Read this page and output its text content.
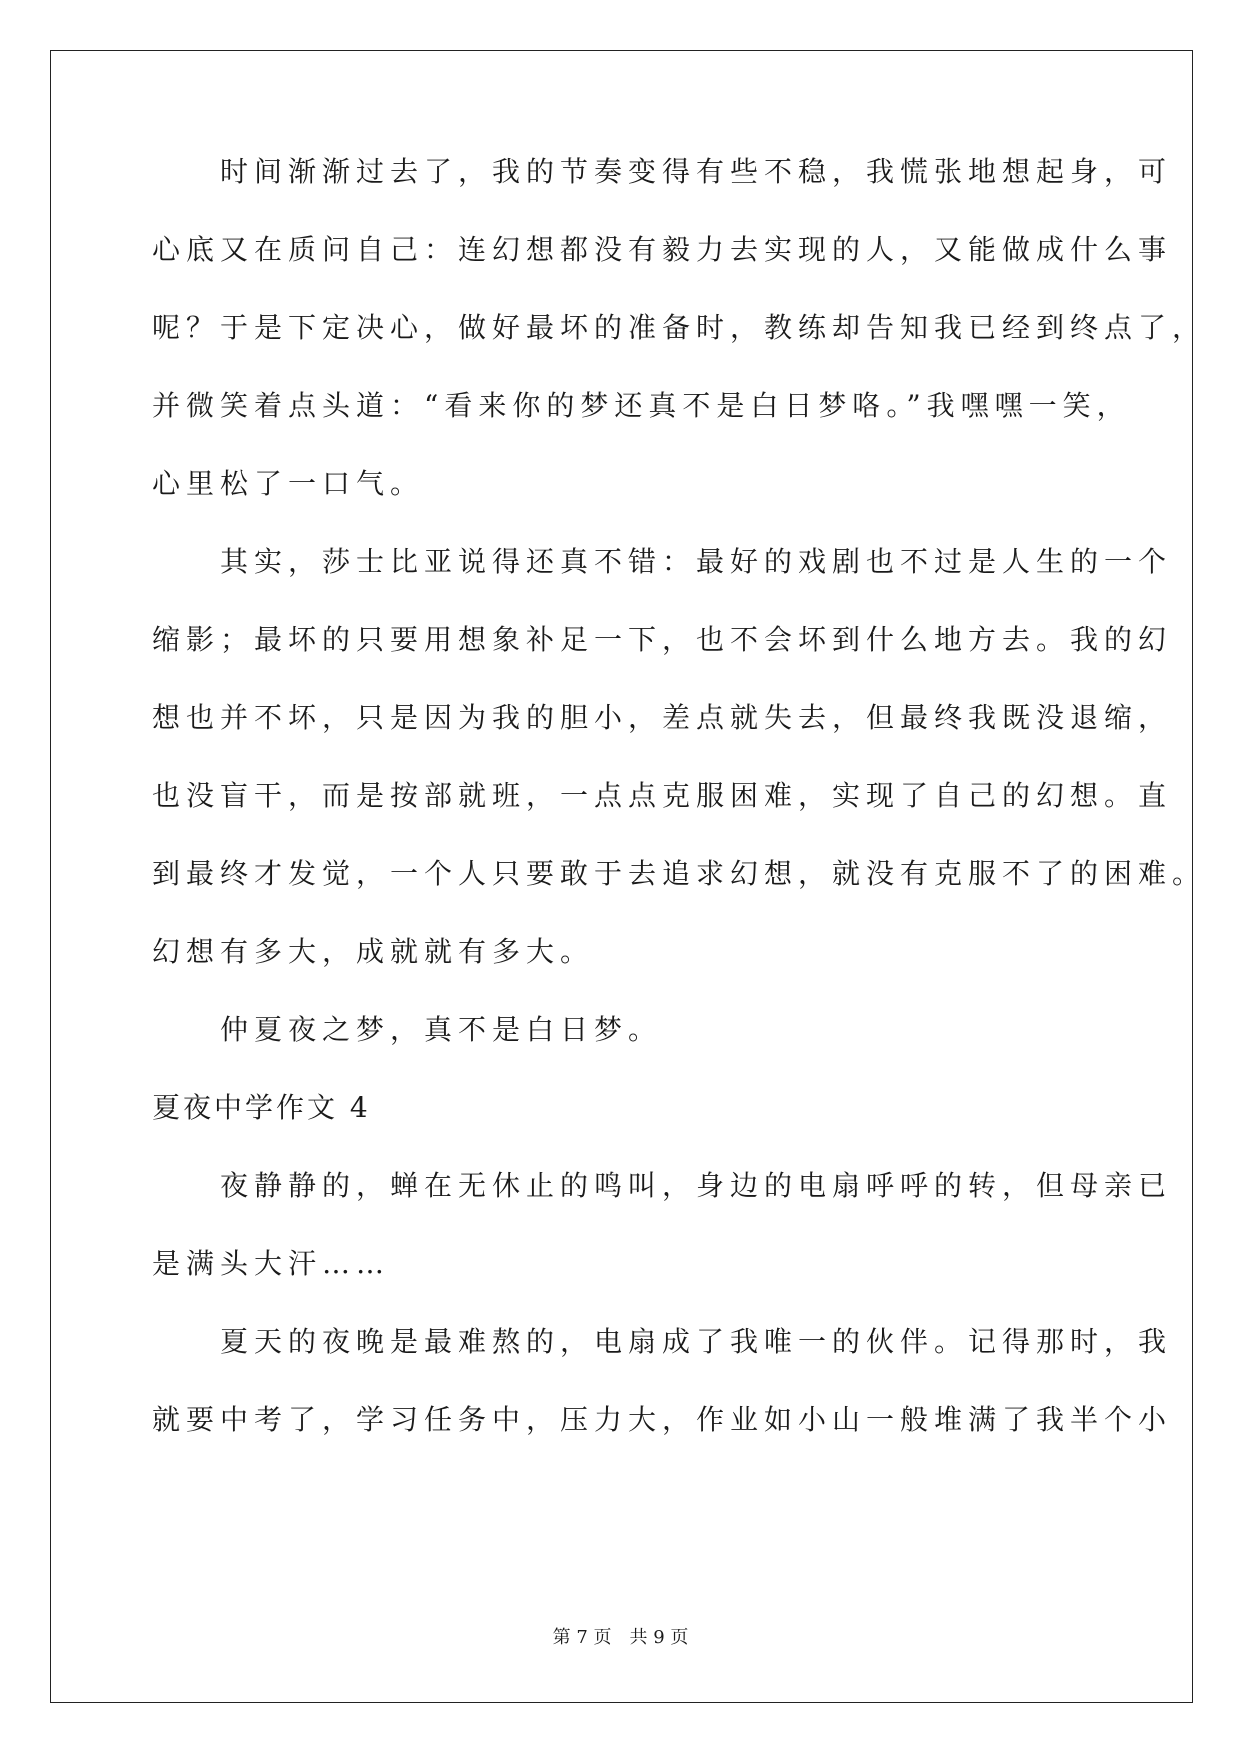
　　时间渐渐过去了，我的节奏变得有些不稳，我慌张地想起身，可
心底又在质问自己：连幻想都没有毅力去实现的人，又能做成什么事
呢？于是下定决心，做好最坏的准备时，教练却告知我已经到终点了，
并微笑着点头道：“看来你的梦还真不是白日梦咯。”我嘿嘿一笑，
心里松了一口气。
　　其实，莎士比亚说得还真不错：最好的戏剧也不过是人生的一个
缩影；最坏的只要用想象补足一下，也不会坏到什么地方去。我的幻
想也并不坏，只是因为我的胆小，差点就失去，但最终我既没退缩，
也没盲干，而是按部就班，一点点克服困难，实现了自己的幻想。直
到最终才发觉，一个人只要敢于去追求幻想，就没有克服不了的困难。
幻想有多大，成就就有多大。
　　仲夏夜之梦，真不是白日梦。
夏夜中学作文 4
　　夜静静的，蝉在无休止的鸣叫，身边的电扇呼呼的转，但母亲已
是满头大汗……
　　夏天的夜晚是最难熬的，电扇成了我唯一的伙伴。记得那时，我
就要中考了，学习任务中，压力大，作业如小山一般堆满了我半个小
第 7 页　共 9 页
